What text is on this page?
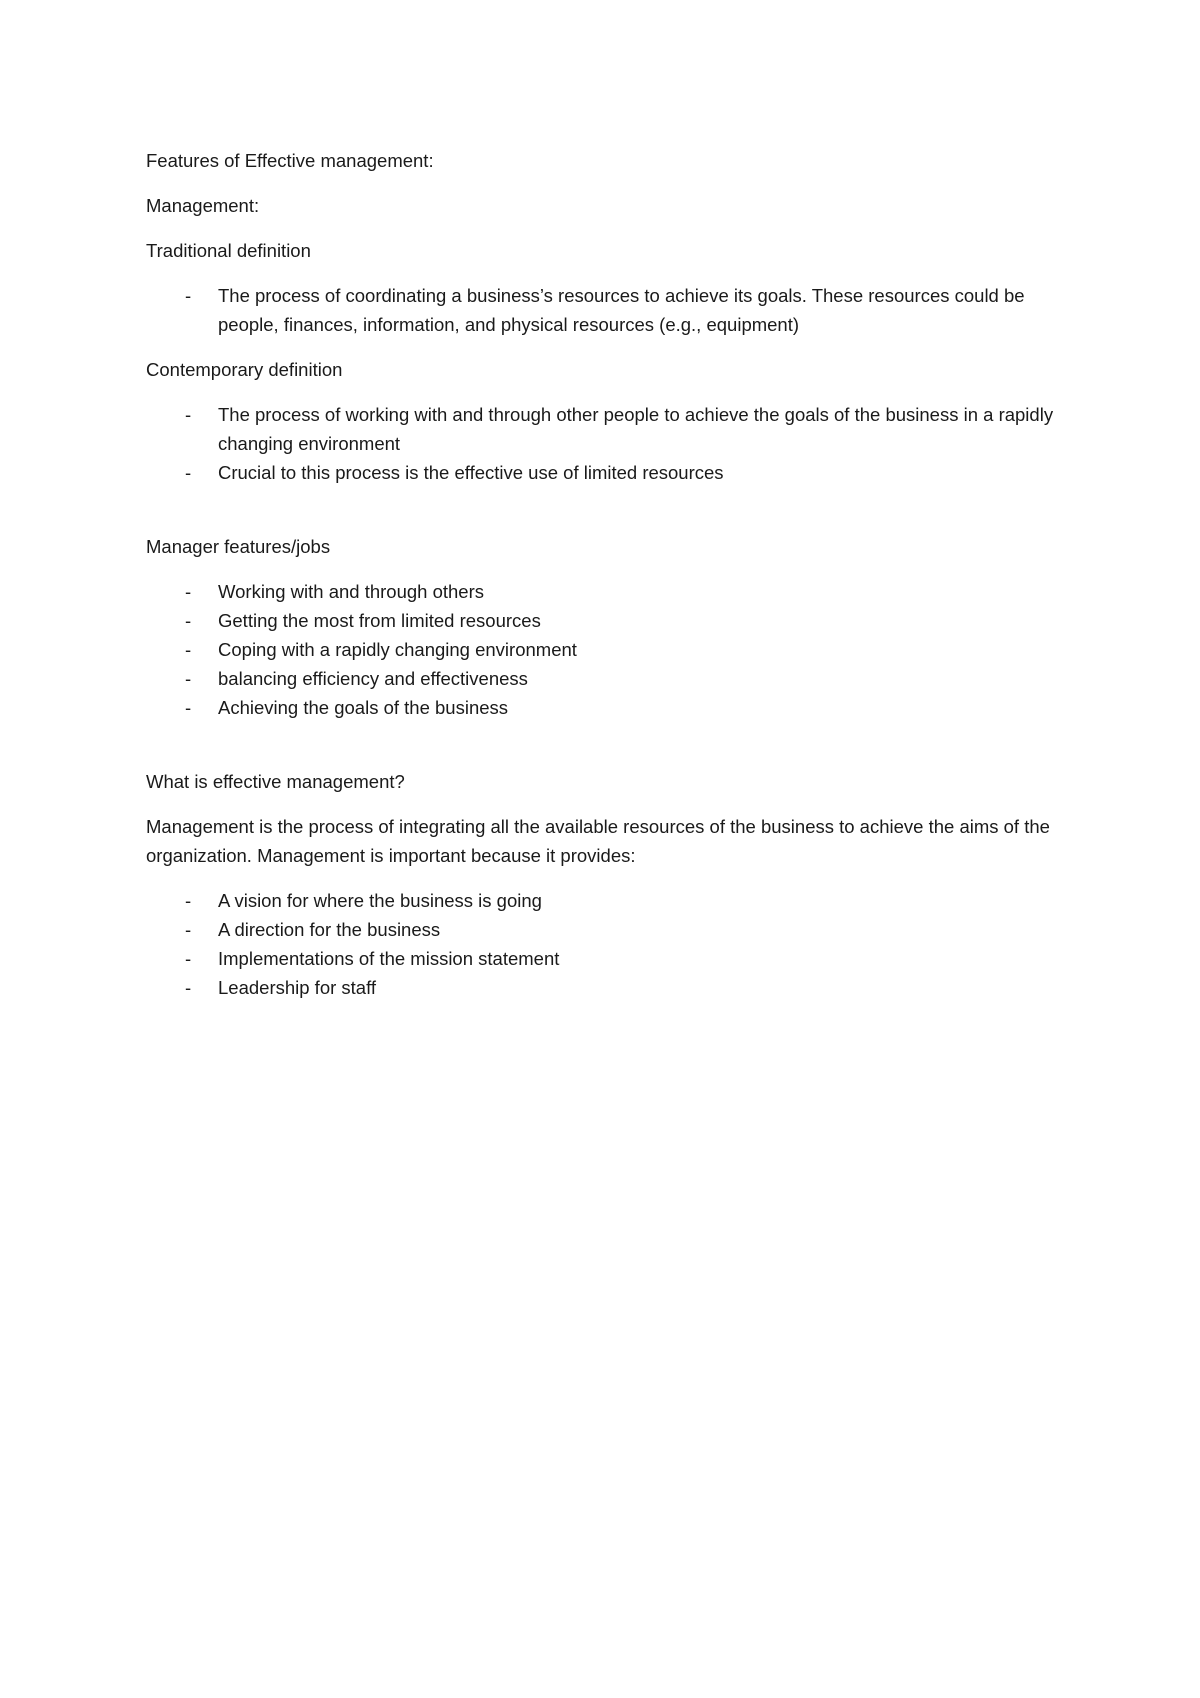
Features of Effective management:

Management:

Traditional definition

- The process of coordinating a business’s resources to achieve its goals. These resources could be people, finances, information, and physical resources (e.g., equipment)

Contemporary definition

- The process of working with and through other people to achieve the goals of the business in a rapidly changing environment
- Crucial to this process is the effective use of limited resources

Manager features/jobs

- Working with and through others
- Getting the most from limited resources
- Coping with a rapidly changing environment
- balancing efficiency and effectiveness
- Achieving the goals of the business

What is effective management?

Management is the process of integrating all the available resources of the business to achieve the aims of the organization. Management is important because it provides:

- A vision for where the business is going
- A direction for the business
- Implementations of the mission statement
- Leadership for staff
